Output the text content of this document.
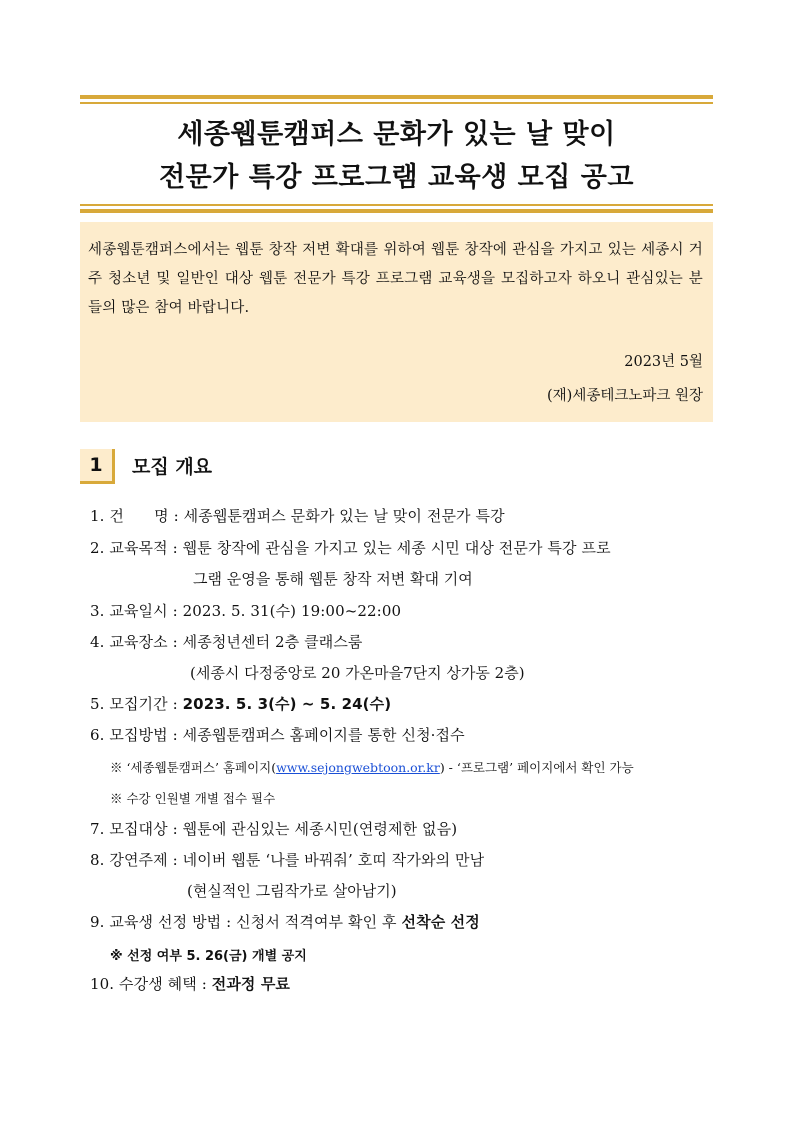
세종웹툰캠퍼스 문화가 있는 날 맞이
전문가 특강 프로그램 교육생 모집 공고

세종웹툰캠퍼스에서는 웹툰 창작 저변 확대를 위하여 웹툰 창작에 관심을 가지고 있는 세종시 거주 청소년 및 일반인 대상 웹툰 전문가 특강 프로그램 교육생을 모집하고자 하오니 관심있는 분들의 많은 참여 바랍니다.

2023년 5월
(재)세종테크노파크 원장
1	모집 개요
1. 건　　명 : 세종웹툰캠퍼스 문화가 있는 날 맞이 전문가 특강
2. 교육목적 : 웹툰 창작에 관심을 가지고 있는 세종 시민 대상 전문가 특강 프로
그램 운영을 통해 웹툰 창작 저변 확대 기여
3. 교육일시 : 2023. 5. 31(수) 19:00~22:00
4. 교육장소 : 세종청년센터 2층 클래스룸
(세종시 다정중앙로 20 가온마을7단지 상가동 2층)
5. 모집기간 : 2023. 5. 3(수) ~ 5. 24(수)
6. 모집방법 : 세종웹툰캠퍼스 홈페이지를 통한 신청·접수
※ ‘세종웹툰캠퍼스’ 홈페이지(www.sejongwebtoon.or.kr) - ‘프로그램’ 페이지에서 확인 가능
※ 수강 인원별 개별 접수 필수
7. 모집대상 : 웹툰에 관심있는 세종시민(연령제한 없음)
8. 강연주제 : 네이버 웹툰 ‘나를 바꿔줘’ 호띠 작가와의 만남
(현실적인 그림작가로 살아남기)
9. 교육생 선정 방법 : 신청서 적격여부 확인 후 선착순 선정
※ 선정 여부 5. 26(금) 개별 공지
10. 수강생 혜택 : 전과정 무료
